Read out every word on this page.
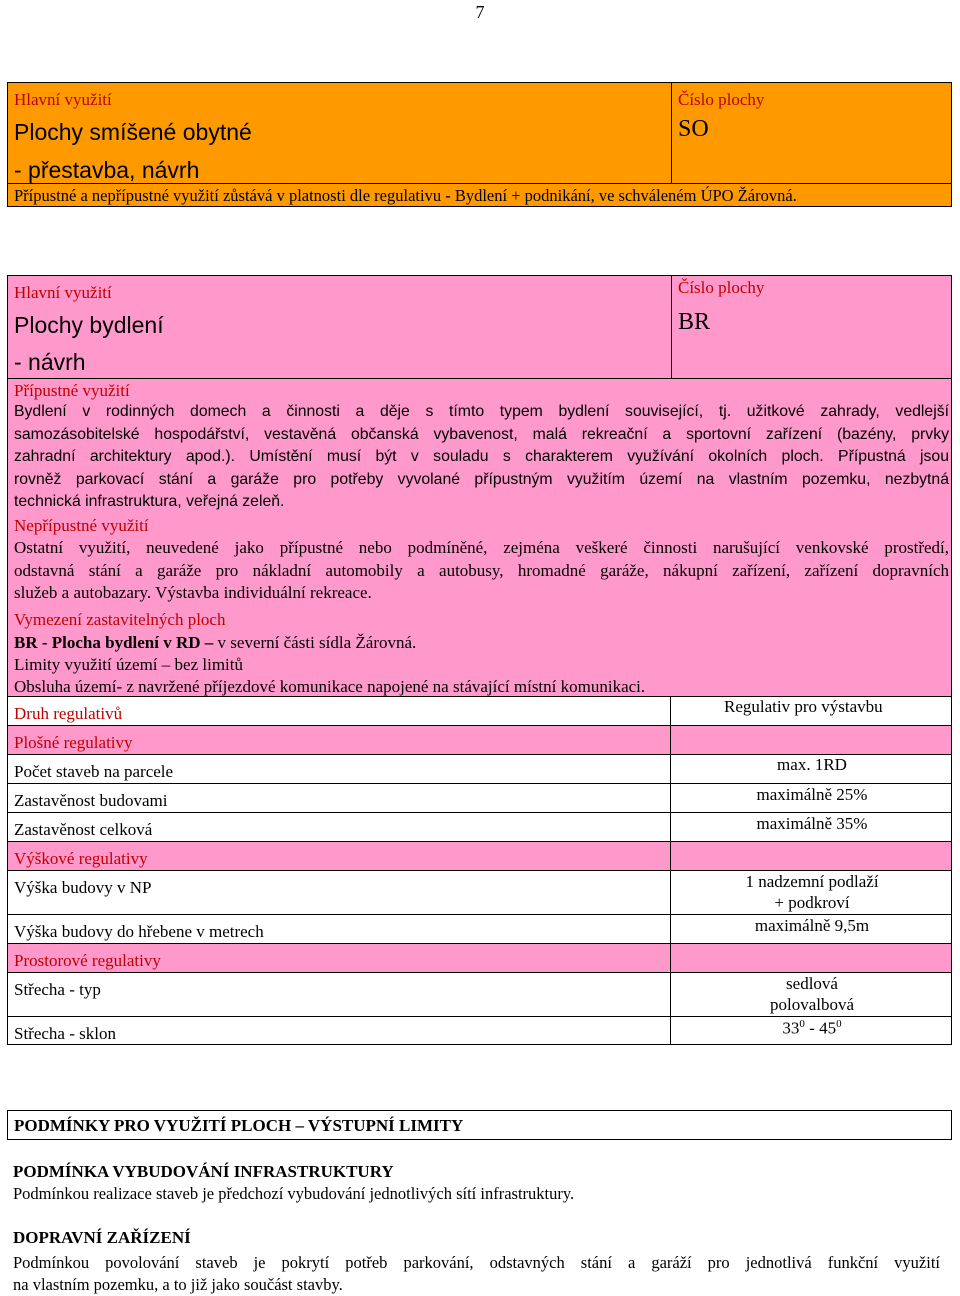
7
Hlavní využití
Plochy smíšené obytné
- přestavba, návrh
Číslo plochy
SO
Přípustné a nepřípustné využití zůstává v platnosti dle regulativu - Bydlení + podnikání, ve schváleném ÚPO Žárovná.
Hlavní využití
Plochy bydlení
- návrh
Číslo plochy
BR
Přípustné využití
Bydlení v rodinných domech a činnosti a děje s tímto typem bydlení související, tj. užitkové zahrady, vedlejší
samozásobitelské hospodářství, vestavěná občanská vybavenost, malá rekreační a sportovní zařízení (bazény, prvky
zahradní architektury apod.). Umístění musí být v souladu s charakterem využívání okolních ploch. Přípustná jsou
rovněž parkovací stání a garáže pro potřeby vyvolané přípustným využitím území na vlastním pozemku, nezbytná
technická infrastruktura, veřejná zeleň.
Nepřípustné využití
Ostatní využití, neuvedené jako přípustné nebo podmíněné, zejména veškeré činnosti narušující venkovské prostředí,
odstavná stání a garáže pro nákladní automobily a autobusy, hromadné garáže, nákupní zařízení, zařízení dopravních
služeb a autobazary. Výstavba individuální rekreace.
Vymezení zastavitelných ploch
BR - Plocha bydlení v RD – v severní části sídla Žárovná.
Limity využití území – bez limitů
Obsluha území- z navržené příjezdové komunikace napojené na stávající místní komunikaci.
Druh regulativů	Regulativ pro výstavbu
Plošné regulativy
Počet staveb na parcele	max. 1RD
Zastavěnost budovami	maximálně 25%
Zastavěnost celková	maximálně 35%
Výškové regulativy
Výška budovy v NP	1 nadzemní podlaží
+ podkroví
Výška budovy do hřebene v metrech	maximálně 9,5m
Prostorové regulativy
Střecha - typ	sedlová
polovalbová
Střecha - sklon	$33^0 - 45^0$
PODMÍNKY PRO VYUŽITÍ PLOCH – VÝSTUPNÍ LIMITY
PODMÍNKA VYBUDOVÁNÍ INFRASTRUKTURY
Podmínkou realizace staveb je předchozí vybudování jednotlivých sítí infrastruktury.
DOPRAVNÍ ZAŘÍZENÍ
Podmínkou povolování staveb je pokrytí potřeb parkování, odstavných stání a garáží pro jednotlivá funkční využití
na vlastním pozemku, a to již jako součást stavby.
